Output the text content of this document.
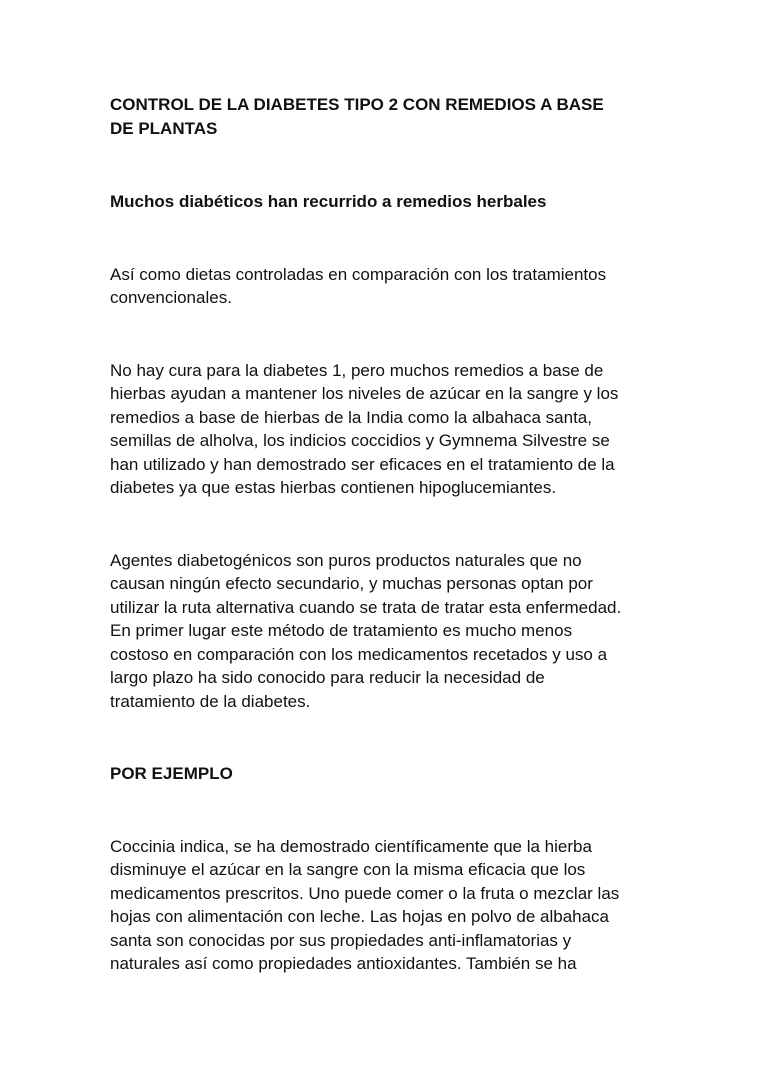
CONTROL DE LA DIABETES TIPO 2 CON REMEDIOS A BASE
DE PLANTAS

Muchos diabéticos han recurrido a remedios herbales

Así como dietas controladas en comparación con los tratamientos
convencionales.

No hay cura para la diabetes 1, pero muchos remedios a base de
hierbas ayudan a mantener los niveles de azúcar en la sangre y los
remedios a base de hierbas de la India como la albahaca santa,
semillas de alholva, los indicios coccidios y Gymnema Silvestre se
han utilizado y han demostrado ser eficaces en el tratamiento de la
diabetes ya que estas hierbas contienen hipoglucemiantes.

Agentes diabetogénicos son puros productos naturales que no
causan ningún efecto secundario, y muchas personas optan por
utilizar la ruta alternativa cuando se trata de tratar esta enfermedad.
En primer lugar este método de tratamiento es mucho menos
costoso en comparación con los medicamentos recetados y uso a
largo plazo ha sido conocido para reducir la necesidad de
tratamiento de la diabetes.

POR EJEMPLO

Coccinia indica, se ha demostrado científicamente que la hierba
disminuye el azúcar en la sangre con la misma eficacia que los
medicamentos prescritos. Uno puede comer o la fruta o mezclar las
hojas con alimentación con leche. Las hojas en polvo de albahaca
santa son conocidas por sus propiedades anti-inflamatorias y
naturales así como propiedades antioxidantes. También se ha
